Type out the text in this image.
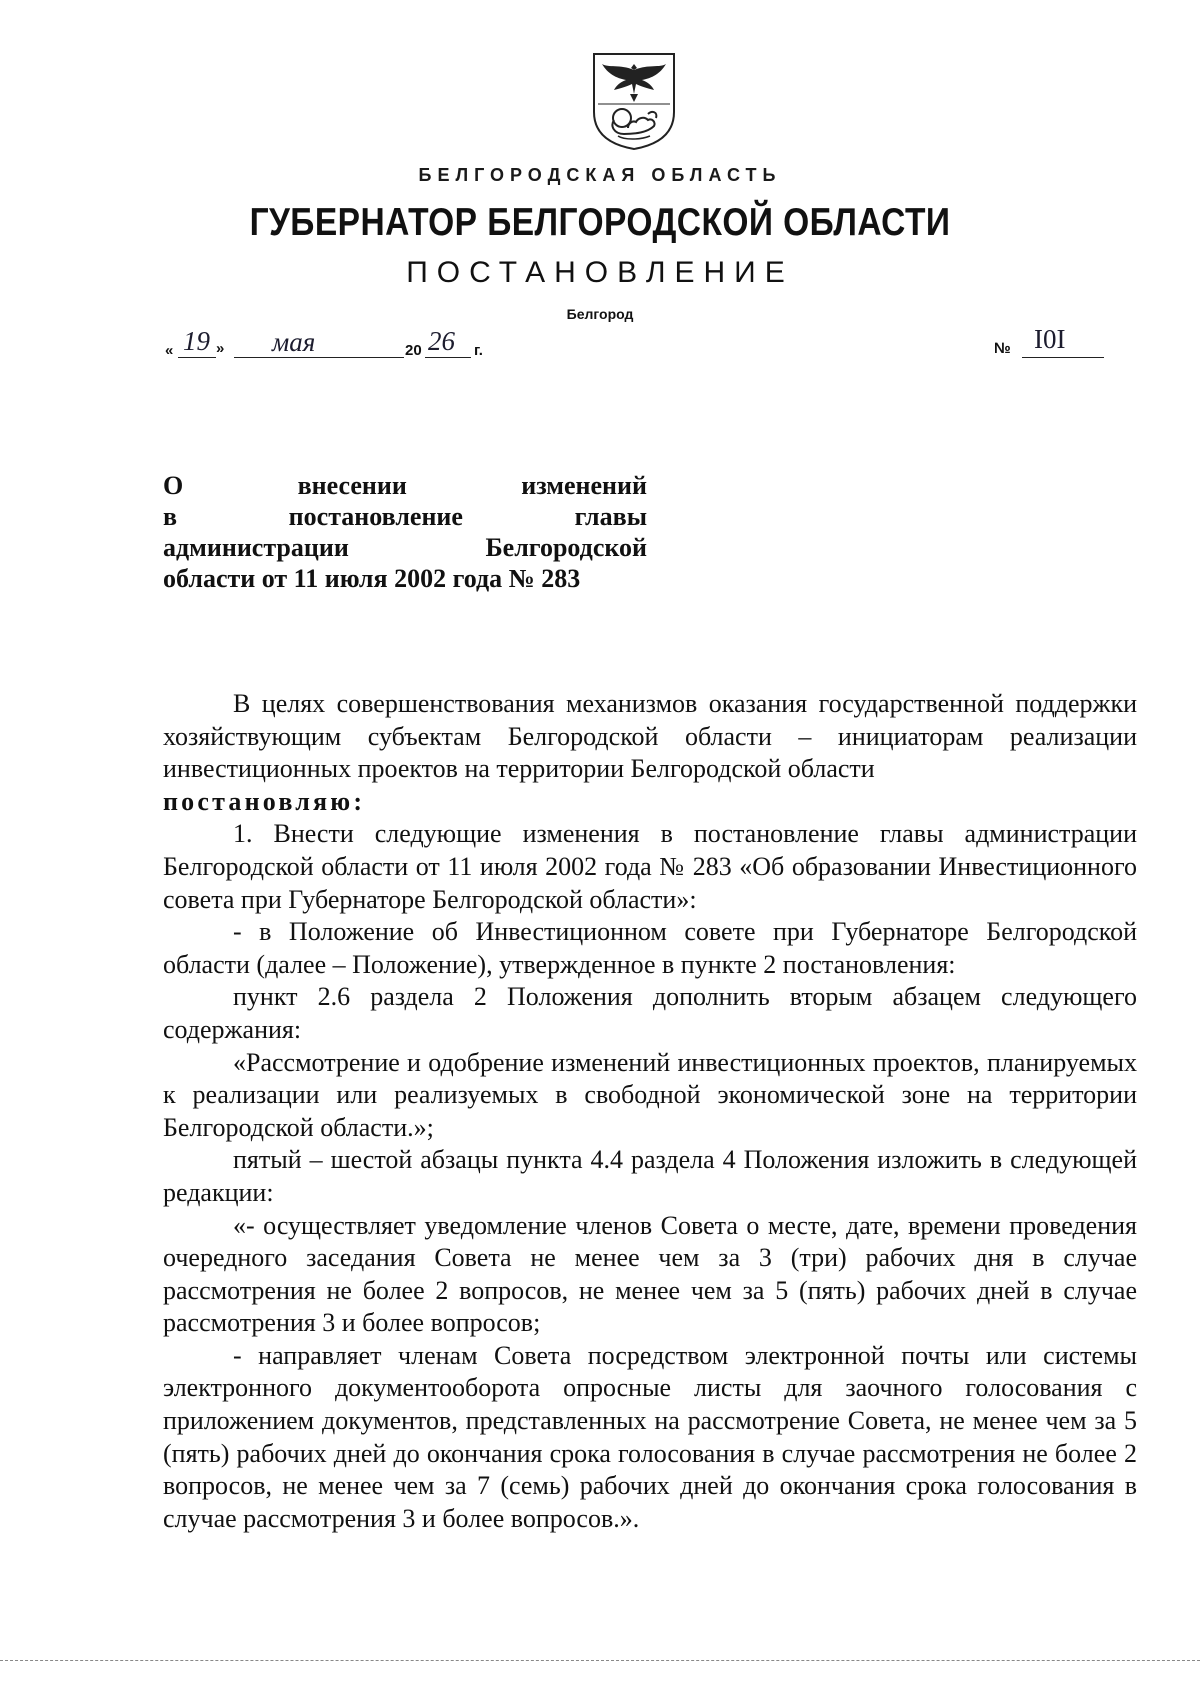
БЕЛГОРОДСКАЯ ОБЛАСТЬ
ГУБЕРНАТОР БЕЛГОРОДСКОЙ ОБЛАСТИ
ПОСТАНОВЛЕНИЕ
Белгород
« 19 » мая	20 26 г.	№ I0I
О внесении изменений
в постановление главы
администрации Белгородской
области от 11 июля 2002 года № 283

В целях совершенствования механизмов оказания государственной поддержки хозяйствующим субъектам Белгородской области – инициаторам реализации инвестиционных проектов на территории Белгородской области

постановляю:

1. Внести следующие изменения в постановление главы администрации Белгородской области от 11 июля 2002 года № 283 «Об образовании Инвестиционного совета при Губернаторе Белгородской области»:

- в Положение об Инвестиционном совете при Губернаторе Белгородской области (далее – Положение), утвержденное в пункте 2 постановления:

пункт 2.6 раздела 2 Положения дополнить вторым абзацем следующего содержания:

«Рассмотрение и одобрение изменений инвестиционных проектов, планируемых к реализации или реализуемых в свободной экономической зоне на территории Белгородской области.»;

пятый – шестой абзацы пункта 4.4 раздела 4 Положения изложить в следующей редакции:

«- осуществляет уведомление членов Совета о месте, дате, времени проведения очередного заседания Совета не менее чем за 3 (три) рабочих дня в случае рассмотрения не более 2 вопросов, не менее чем за 5 (пять) рабочих дней в случае рассмотрения 3 и более вопросов;

- направляет членам Совета посредством электронной почты или системы электронного документооборота опросные листы для заочного голосования с приложением документов, представленных на рассмотрение Совета, не менее чем за 5 (пять) рабочих дней до окончания срока голосования в случае рассмотрения не более 2 вопросов, не менее чем за 7 (семь) рабочих дней до окончания срока голосования в случае рассмотрения 3 и более вопросов.».
